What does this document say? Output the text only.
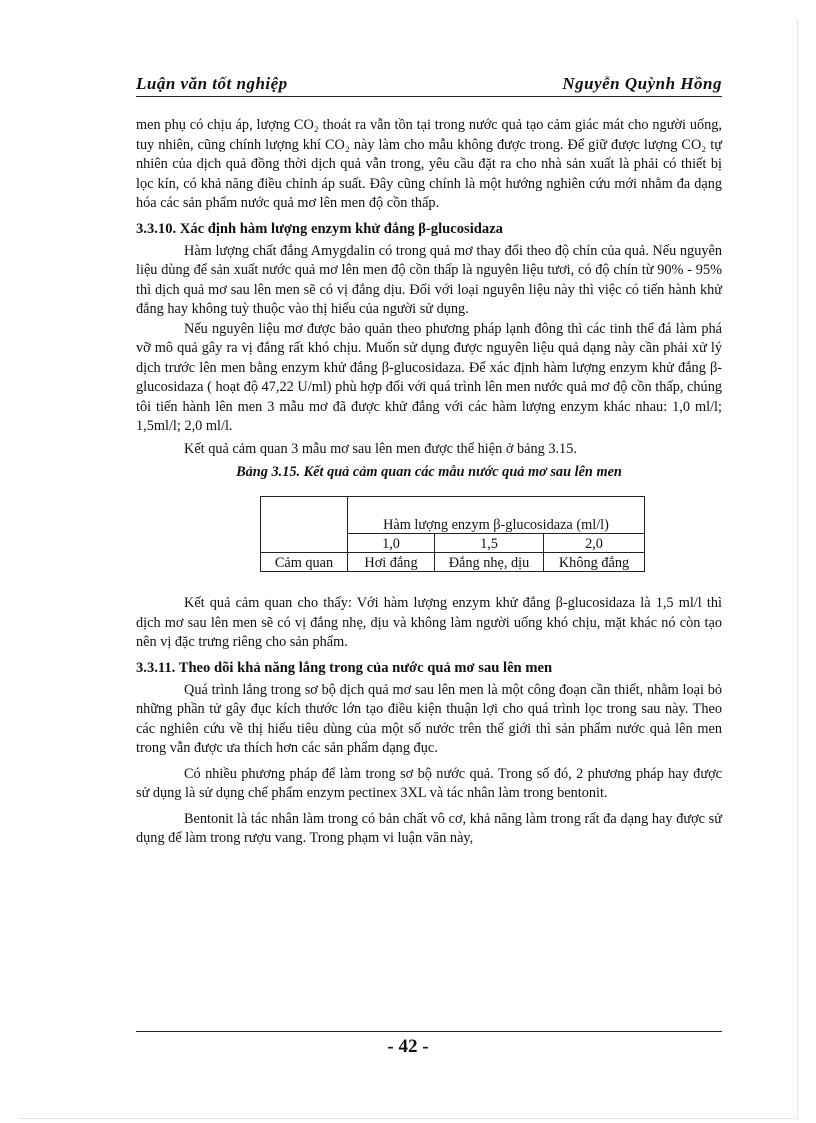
Luận văn tốt nghiệp	Nguyễn Quỳnh Hồng

men phụ có chịu áp, lượng CO₂ thoát ra vẫn tồn tại trong nước quả tạo cảm giác mát cho người uống, tuy nhiên, cũng chính lượng khí CO₂ này làm cho mẫu không được trong. Để giữ được lượng CO₂ tự nhiên của dịch quả đồng thời dịch quả vẫn trong, yêu cầu đặt ra cho nhà sản xuất là phải có thiết bị lọc kín, có khả năng điều chỉnh áp suất. Đây cũng chính là một hướng nghiên cứu mới nhằm đa dạng hóa các sản phẩm nước quả mơ lên men độ cồn thấp.

3.3.10. Xác định hàm lượng enzym khử đắng β-glucosidaza

Hàm lượng chất đắng Amygdalin có trong quả mơ thay đổi theo độ chín của quả. Nếu nguyên liệu dùng để sản xuất nước quả mơ lên men độ cồn thấp là nguyên liệu tươi, có độ chín từ 90% - 95% thì dịch quả mơ sau lên men sẽ có vị đắng dịu. Đối với loại nguyên liệu này thì việc có tiến hành khử đắng hay không tuỳ thuộc vào thị hiếu của người sử dụng.

Nếu nguyên liệu mơ được bảo quản theo phương pháp lạnh đông thì các tinh thể đá làm phá vỡ mô quả gây ra vị đắng rất khó chịu. Muốn sử dụng được nguyên liệu quả dạng này cần phải xử lý dịch trước lên men bằng enzym khử đắng β-glucosidaza. Để xác định hàm lượng enzym khử đắng β-glucosidaza ( hoạt độ 47,22 U/ml) phù hợp đối với quá trình lên men nước quả mơ độ cồn thấp, chúng tôi tiến hành lên men 3 mẫu mơ đã được khử đắng với các hàm lượng enzym khác nhau: 1,0 ml/l; 1,5ml/l; 2,0 ml/l.

Kết quả cảm quan 3 mẫu mơ sau lên men được thể hiện ở bảng 3.15.

Bảng 3.15. Kết quả cảm quan các mẫu nước quả mơ sau lên men
	Hàm lượng enzym β-glucosidaza (ml/l)		
	1,0	1,5	2,0
Cảm quan	Hơi đắng	Đắng nhẹ, dịu	Không đắng

Kết quả cảm quan cho thấy: Với hàm lượng enzym khử đắng β-glucosidaza là 1,5 ml/l thì dịch mơ sau lên men sẽ có vị đắng nhẹ, dịu và không làm người uống khó chịu, mặt khác nó còn tạo nên vị đặc trưng riêng cho sản phẩm.

3.3.11. Theo dõi khả năng lắng trong của nước quả mơ sau lên men

Quá trình lắng trong sơ bộ dịch quả mơ sau lên men là một công đoạn cần thiết, nhằm loại bỏ những phần tử gây đục kích thước lớn tạo điều kiện thuận lợi cho quá trình lọc trong sau này. Theo các nghiên cứu về thị hiếu tiêu dùng của một số nước trên thế giới thì sản phẩm nước quả lên men trong vẫn được ưa thích hơn các sản phẩm dạng đục.

Có nhiều phương pháp để làm trong sơ bộ nước quả. Trong số đó, 2 phương pháp hay được sử dụng là sử dụng chế phẩm enzym pectinex 3XL và tác nhân làm trong bentonit.

Bentonit là tác nhân làm trong có bản chất vô cơ, khả năng làm trong rất đa dạng hay được sử dụng để làm trong rượu vang. Trong phạm vi luận văn này,

- 42 -
